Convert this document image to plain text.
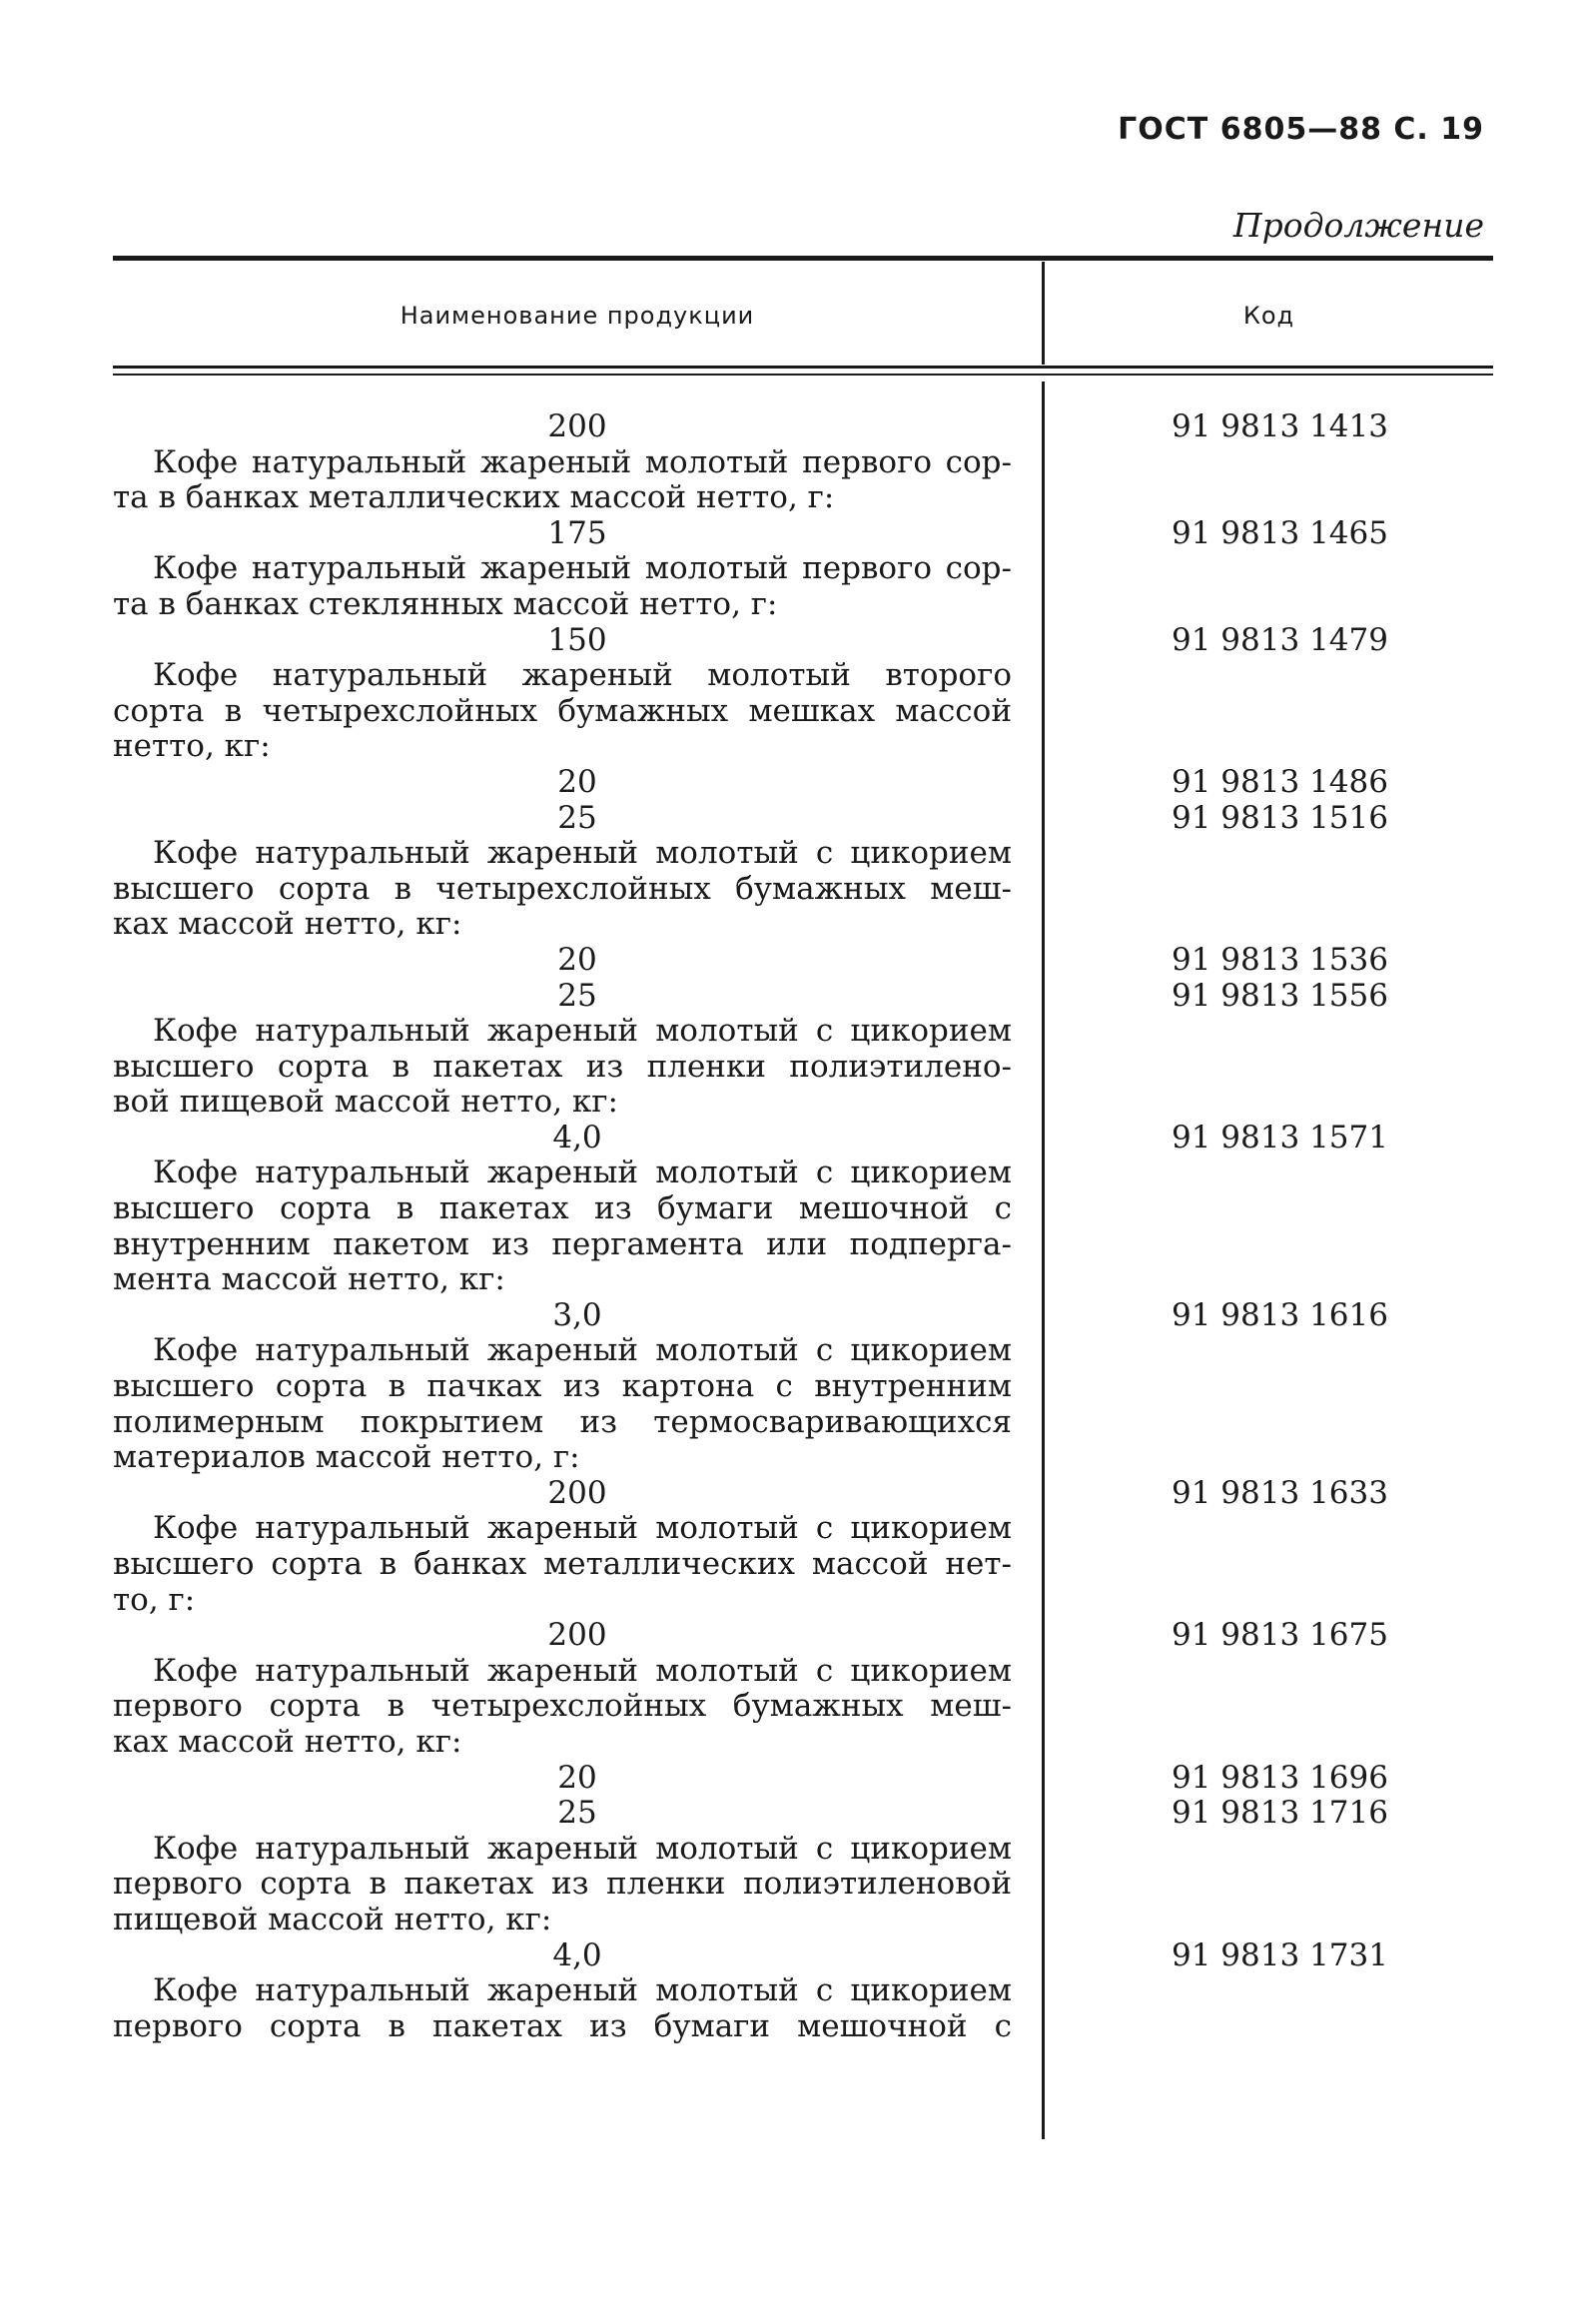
ГОСТ 6805—88 С. 19
Продолжение
Наименование продукции	Код
200	91 9813 1413
Кофе натуральный жареный молотый первого сор-
та в банках металлических массой нетто, г:
175	91 9813 1465
Кофе натуральный жареный молотый первого сор-
та в банках стеклянных массой нетто, г:
150	91 9813 1479
Кофе натуральный жареный молотый второго
сорта в четырехслойных бумажных мешках массой
нетто, кг:
20	91 9813 1486
25	91 9813 1516
Кофе натуральный жареный молотый с цикорием
высшего сорта в четырехслойных бумажных меш-
ках массой нетто, кг:
20	91 9813 1536
25	91 9813 1556
Кофе натуральный жареный молотый с цикорием
высшего сорта в пакетах из пленки полиэтилено-
вой пищевой массой нетто, кг:
4,0	91 9813 1571
Кофе натуральный жареный молотый с цикорием
высшего сорта в пакетах из бумаги мешочной с
внутренним пакетом из пергамента или подперга-
мента массой нетто, кг:
3,0	91 9813 1616
Кофе натуральный жареный молотый с цикорием
высшего сорта в пачках из картона с внутренним
полимерным покрытием из термосваривающихся
материалов массой нетто, г:
200	91 9813 1633
Кофе натуральный жареный молотый с цикорием
высшего сорта в банках металлических массой нет-
то, г:
200	91 9813 1675
Кофе натуральный жареный молотый с цикорием
первого сорта в четырехслойных бумажных меш-
ках массой нетто, кг:
20	91 9813 1696
25	91 9813 1716
Кофе натуральный жареный молотый с цикорием
первого сорта в пакетах из пленки полиэтиленовой
пищевой массой нетто, кг:
4,0	91 9813 1731
Кофе натуральный жареный молотый с цикорием
первого сорта в пакетах из бумаги мешочной с
